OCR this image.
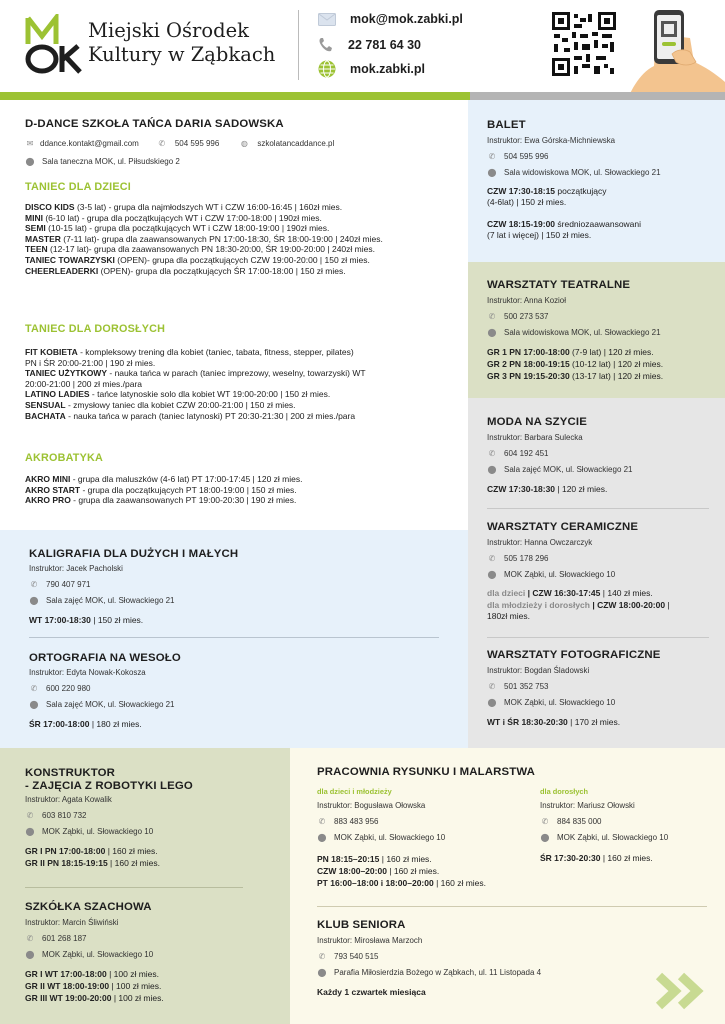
Miejski Ośrodek
Kultury w Ząbkach
mok@mok.zabki.pl
22 781 64 30
mok.zabki.pl
D-DANCE SZKOŁA TAŃCA DARIA SADOWSKA
✉ ddance.kontakt@gmail.com ✆ 504 595 996	◍ szkolatancaddance.pl
⬤ Sala taneczna MOK, ul. Piłsudskiego 2
TANIEC DLA DZIECI
DISCO KIDS (3-5 lat) - grupa dla najmłodszych WT i CZW 16:00-16:45 | 160zł mies.
MINI (6-10 lat) - grupa dla początkujących WT i CZW 17:00-18:00 | 190zł mies.
SEMI (10-15 lat) - grupa dla początkujących WT i CZW 18:00-19:00 | 190zł mies.
MASTER (7-11 lat)- grupa dla zaawansowanych PN 17:00-18:30, ŚR 18:00-19:00 | 240zł mies.
TEEN (12-17 lat)- grupa dla zaawansowanych PN 18:30-20:00, ŚR 19:00-20:00 | 240zł mies.
TANIEC TOWARZYSKI (OPEN)- grupa dla początkujących CZW 19:00-20:00 | 150 zł mies.
CHEERLEADERKI (OPEN)- grupa dla początkujących ŚR 17:00-18:00 | 150 zł mies.
TANIEC DLA DOROSŁYCH
FIT KOBIETA - kompleksowy trening dla kobiet (taniec, tabata, fitness, stepper, pilates)
PN i ŚR 20:00-21:00 | 190 zł mies.
TANIEC UŻYTKOWY - nauka tańca w parach (taniec imprezowy, weselny, towarzyski) WT
20:00-21:00 | 200 zł mies./para
LATINO LADIES - tańce latynoskie solo dla kobiet WT 19:00-20:00 | 150 zł mies.
SENSUAL - zmysłowy taniec dla kobiet CZW 20:00-21:00 | 150 zł mies.
BACHATA - nauka tańca w parach (taniec latynoski) PT 20:30-21:30 | 200 zł mies./para
AKROBATYKA
AKRO MINI - grupa dla maluszków (4-6 lat) PT 17:00-17:45 | 120 zł mies.
AKRO START - grupa dla początkujących PT 18:00-19:00 | 150 zł mies.
AKRO PRO - grupa dla zaawansowanych PT 19:00-20:30 | 190 zł mies.
BALET
Instruktor: Ewa Górska-Michniewska
✆ 504 595 996
⬤ Sala widowiskowa MOK, ul. Słowackiego 21
CZW 17:30-18:15 początkujący
(4-6lat) | 150 zł mies.
CZW 18:15-19:00 średniozaawansowani
(7 lat i więcej) | 150 zł mies.
WARSZTATY TEATRALNE
Instruktor: Anna Kozioł
✆ 500 273 537
⬤ Sala widowiskowa MOK, ul. Słowackiego 21
GR 1 PN 17:00-18:00 (7-9 lat) | 120 zł mies.
GR 2 PN 18:00-19:15 (10-12 lat) | 120 zł mies.
GR 3 PN 19:15-20:30 (13-17 lat) | 120 zł mies.
MODA NA SZYCIE
Instruktor: Barbara Sulecka
✆ 604 192 451
⬤ Sala zajęć MOK, ul. Słowackiego 21
CZW 17:30-18:30 | 120 zł mies.
WARSZTATY CERAMICZNE
Instruktor: Hanna Owczarczyk
✆ 505 178 296
⬤ MOK Ząbki, ul. Słowackiego 10
dla dzieci | CZW 16:30-17:45 | 140 zł mies.
dla młodzieży i dorosłych | CZW 18:00-20:00 |
180zł mies.
WARSZTATY FOTOGRAFICZNE
Instruktor: Bogdan Śladowski
✆ 501 352 753
⬤ MOK Ząbki, ul. Słowackiego 10
WT i ŚR 18:30-20:30 | 170 zł mies.
KALIGRAFIA DLA DUŻYCH I MAŁYCH
Instruktor: Jacek Pacholski
✆ 790 407 971
⬤ Sala zajęć MOK, ul. Słowackiego 21
WT 17:00-18:30 | 150 zł mies.
ORTOGRAFIA NA WESOŁO
Instruktor: Edyta Nowak-Kokosza
✆ 600 220 980
⬤ Sala zajęć MOK, ul. Słowackiego 21
ŚR 17:00-18:00 | 180 zł mies.
KONSTRUKTOR
- ZAJĘCIA Z ROBOTYKI LEGO
Instruktor: Agata Kowalik
✆ 603 810 732
⬤ MOK Ząbki, ul. Słowackiego 10
GR I PN 17:00-18:00 | 160 zł mies.
GR II PN 18:15-19:15 | 160 zł mies.
SZKÓŁKA SZACHOWA
Instruktor: Marcin Śliwiński
✆ 601 268 187
⬤ MOK Ząbki, ul. Słowackiego 10
GR I WT 17:00-18:00 | 100 zł mies.
GR II WT 18:00-19:00 | 100 zł mies.
GR III WT 19:00-20:00 | 100 zł mies.
PRACOWNIA RYSUNKU I MALARSTWA
dla dzieci i młodzieży
Instruktor: Bogusława Ołowska
✆ 883 483 956
⬤ MOK Ząbki, ul. Słowackiego 10
PN 18:15–20:15 | 160 zł mies.
CZW 18:00–20:00 | 160 zł mies.
PT 16:00–18:00 i 18:00–20:00 | 160 zł mies.
dla dorosłych
Instruktor: Mariusz Ołowski
✆ 884 835 000
⬤ MOK Ząbki, ul. Słowackiego 10
ŚR 17:30-20:30 | 160 zł mies.
KLUB SENIORA
Instruktor: Mirosława Marzoch
✆ 793 540 515
⬤ Parafia Miłosierdzia Bożego w Ząbkach, ul. 11 Listopada 4
Każdy 1 czwartek miesiąca
